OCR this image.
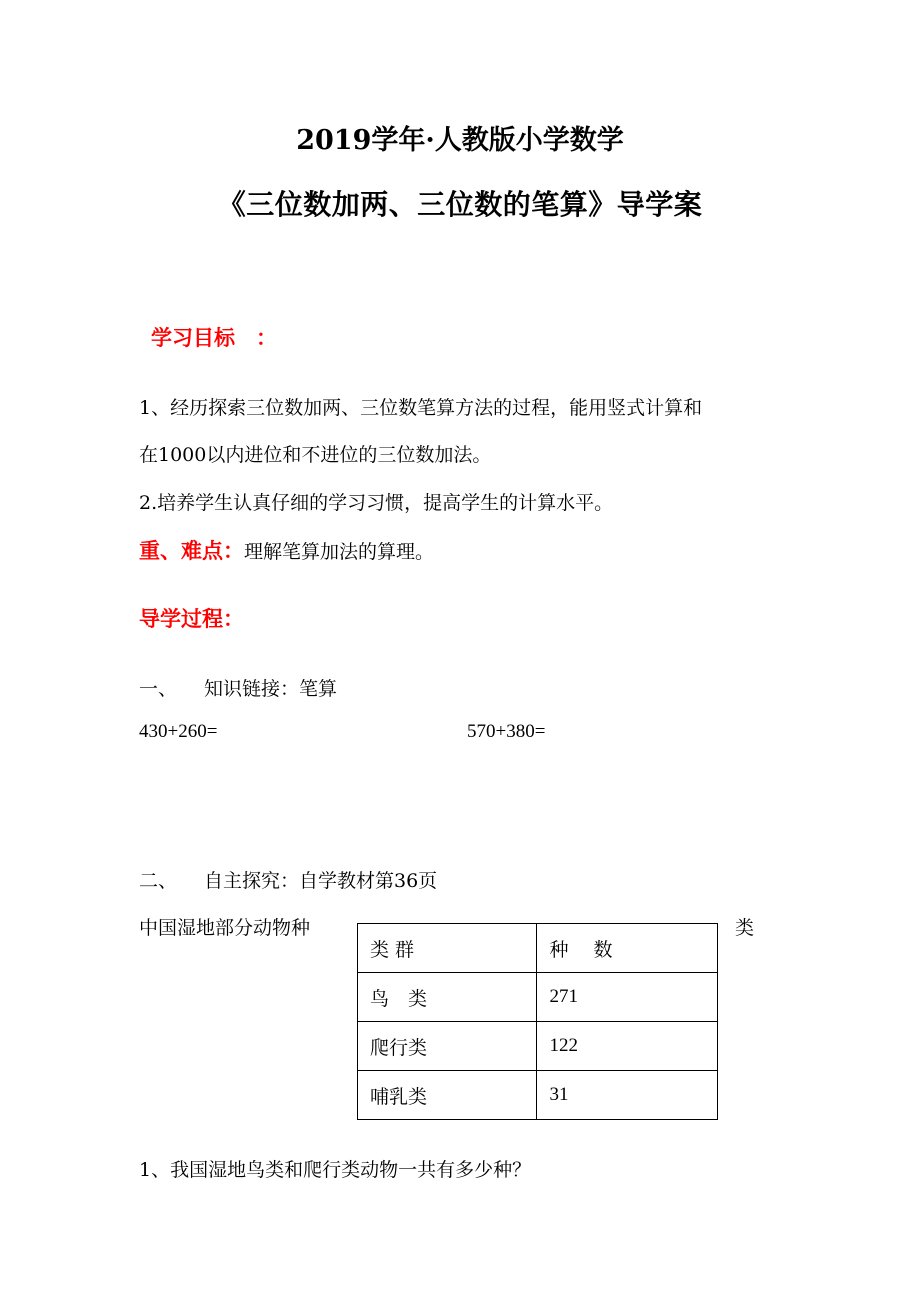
2019学年·人教版小学数学
《三位数加两、三位数的笔算》导学案
学习目标　：
1、经历探索三位数加两、三位数笔算方法的过程，能用竖式计算和
在1000以内进位和不进位的三位数加法。
2.培养学生认真仔细的学习习惯，提高学生的计算水平。
重、难点：理解笔算加法的算理。
导学过程：
一、 知识链接：笔算
430+260=	570+380=
二、 自主探究：自学教材第36页
中国湿地部分动物种	类
类 群	种　 数
鸟　类	271
爬行类	122
哺乳类	31
1、我国湿地鸟类和爬行类动物一共有多少种？
